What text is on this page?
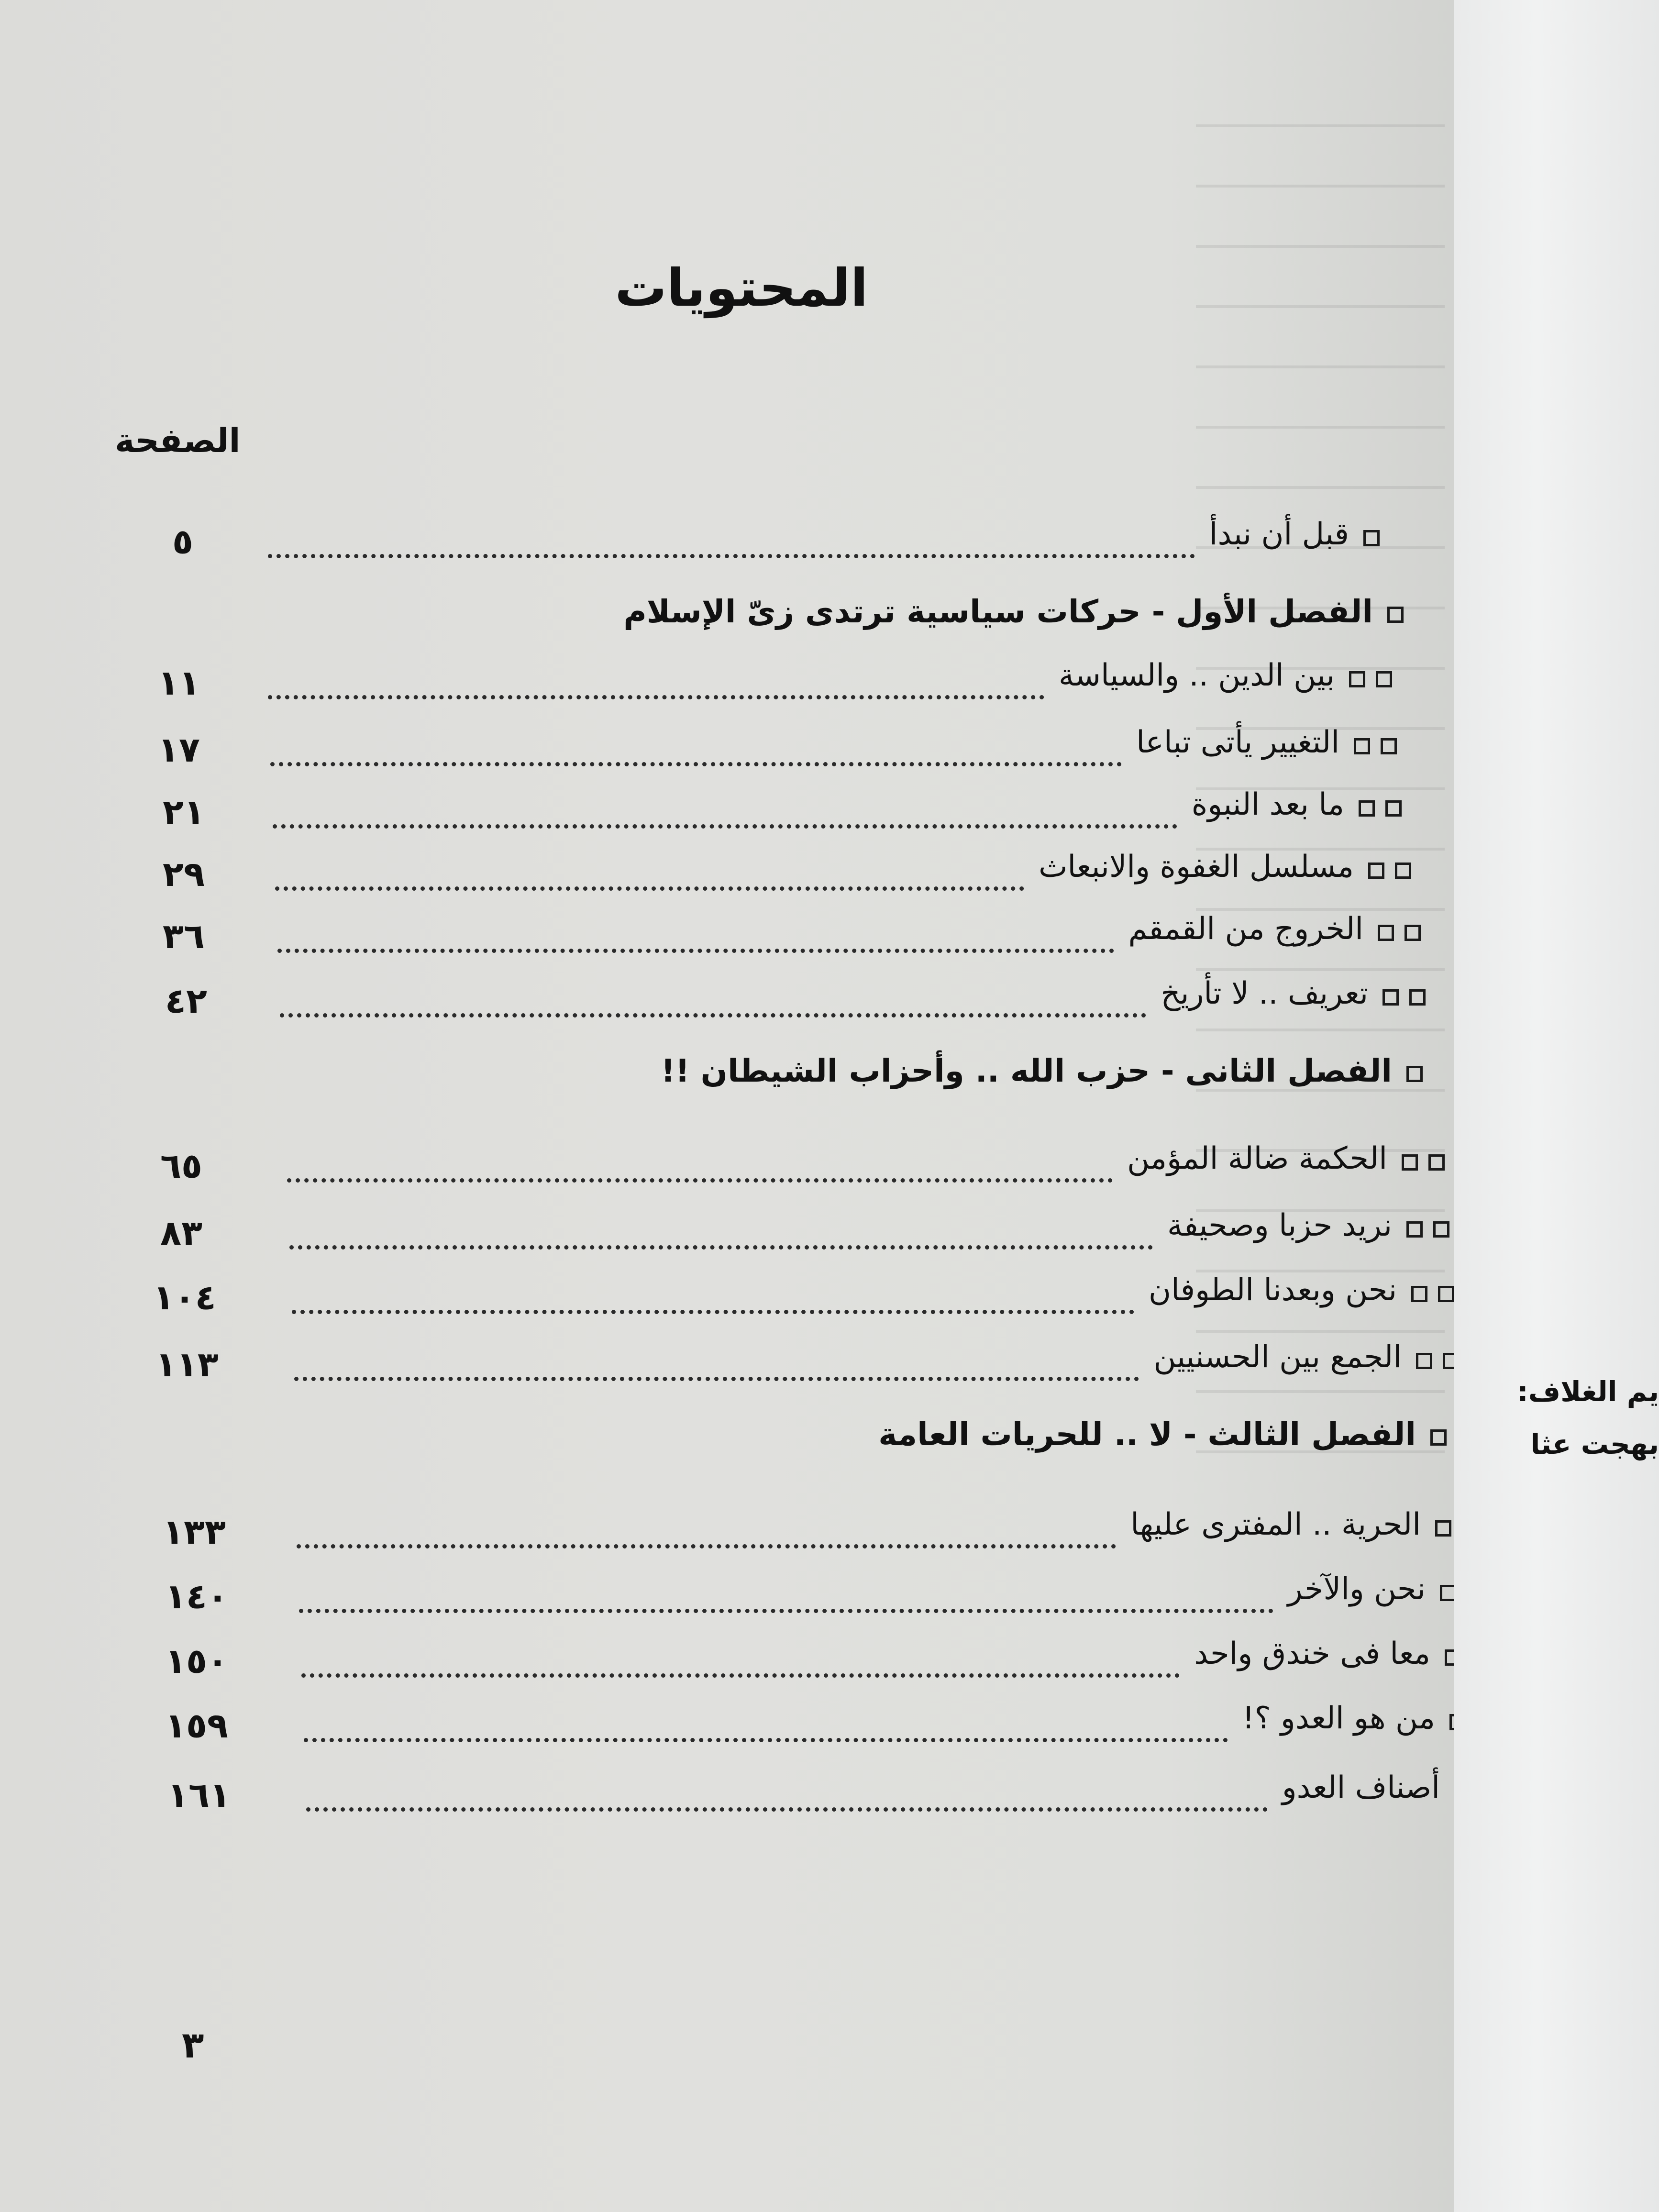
المحتويات
الصفحة
قبل أن نبدأ
٥
الفصل الأول - حركات سياسية ترتدى زىّ الإسلام
بين الدين .. والسياسة
١١
التغيير يأتى تباعا
١٧
ما بعد النبوة
٢١
مسلسل الغفوة والانبعاث
٢٩
الخروج من القمقم
٣٦
تعريف .. لا تأريخ
٤٢
الفصل الثانى - حزب الله .. وأحزاب الشيطان !!
الحكمة ضالة المؤمن
٦٥
نريد حزبا وصحيفة
٨٣
نحن وبعدنا الطوفان
١٠٤
الجمع بين الحسنيين
١١٣
الفصل الثالث - لا .. للحريات العامة
الحرية .. المفترى عليها
١٣٣
نحن والآخر
١٤٠
معا فى خندق واحد
١٥٠
من هو العدو ؟!
١٥٩
أصناف العدو
١٦١
٣
يم الغلاف:
بهجت عثا
